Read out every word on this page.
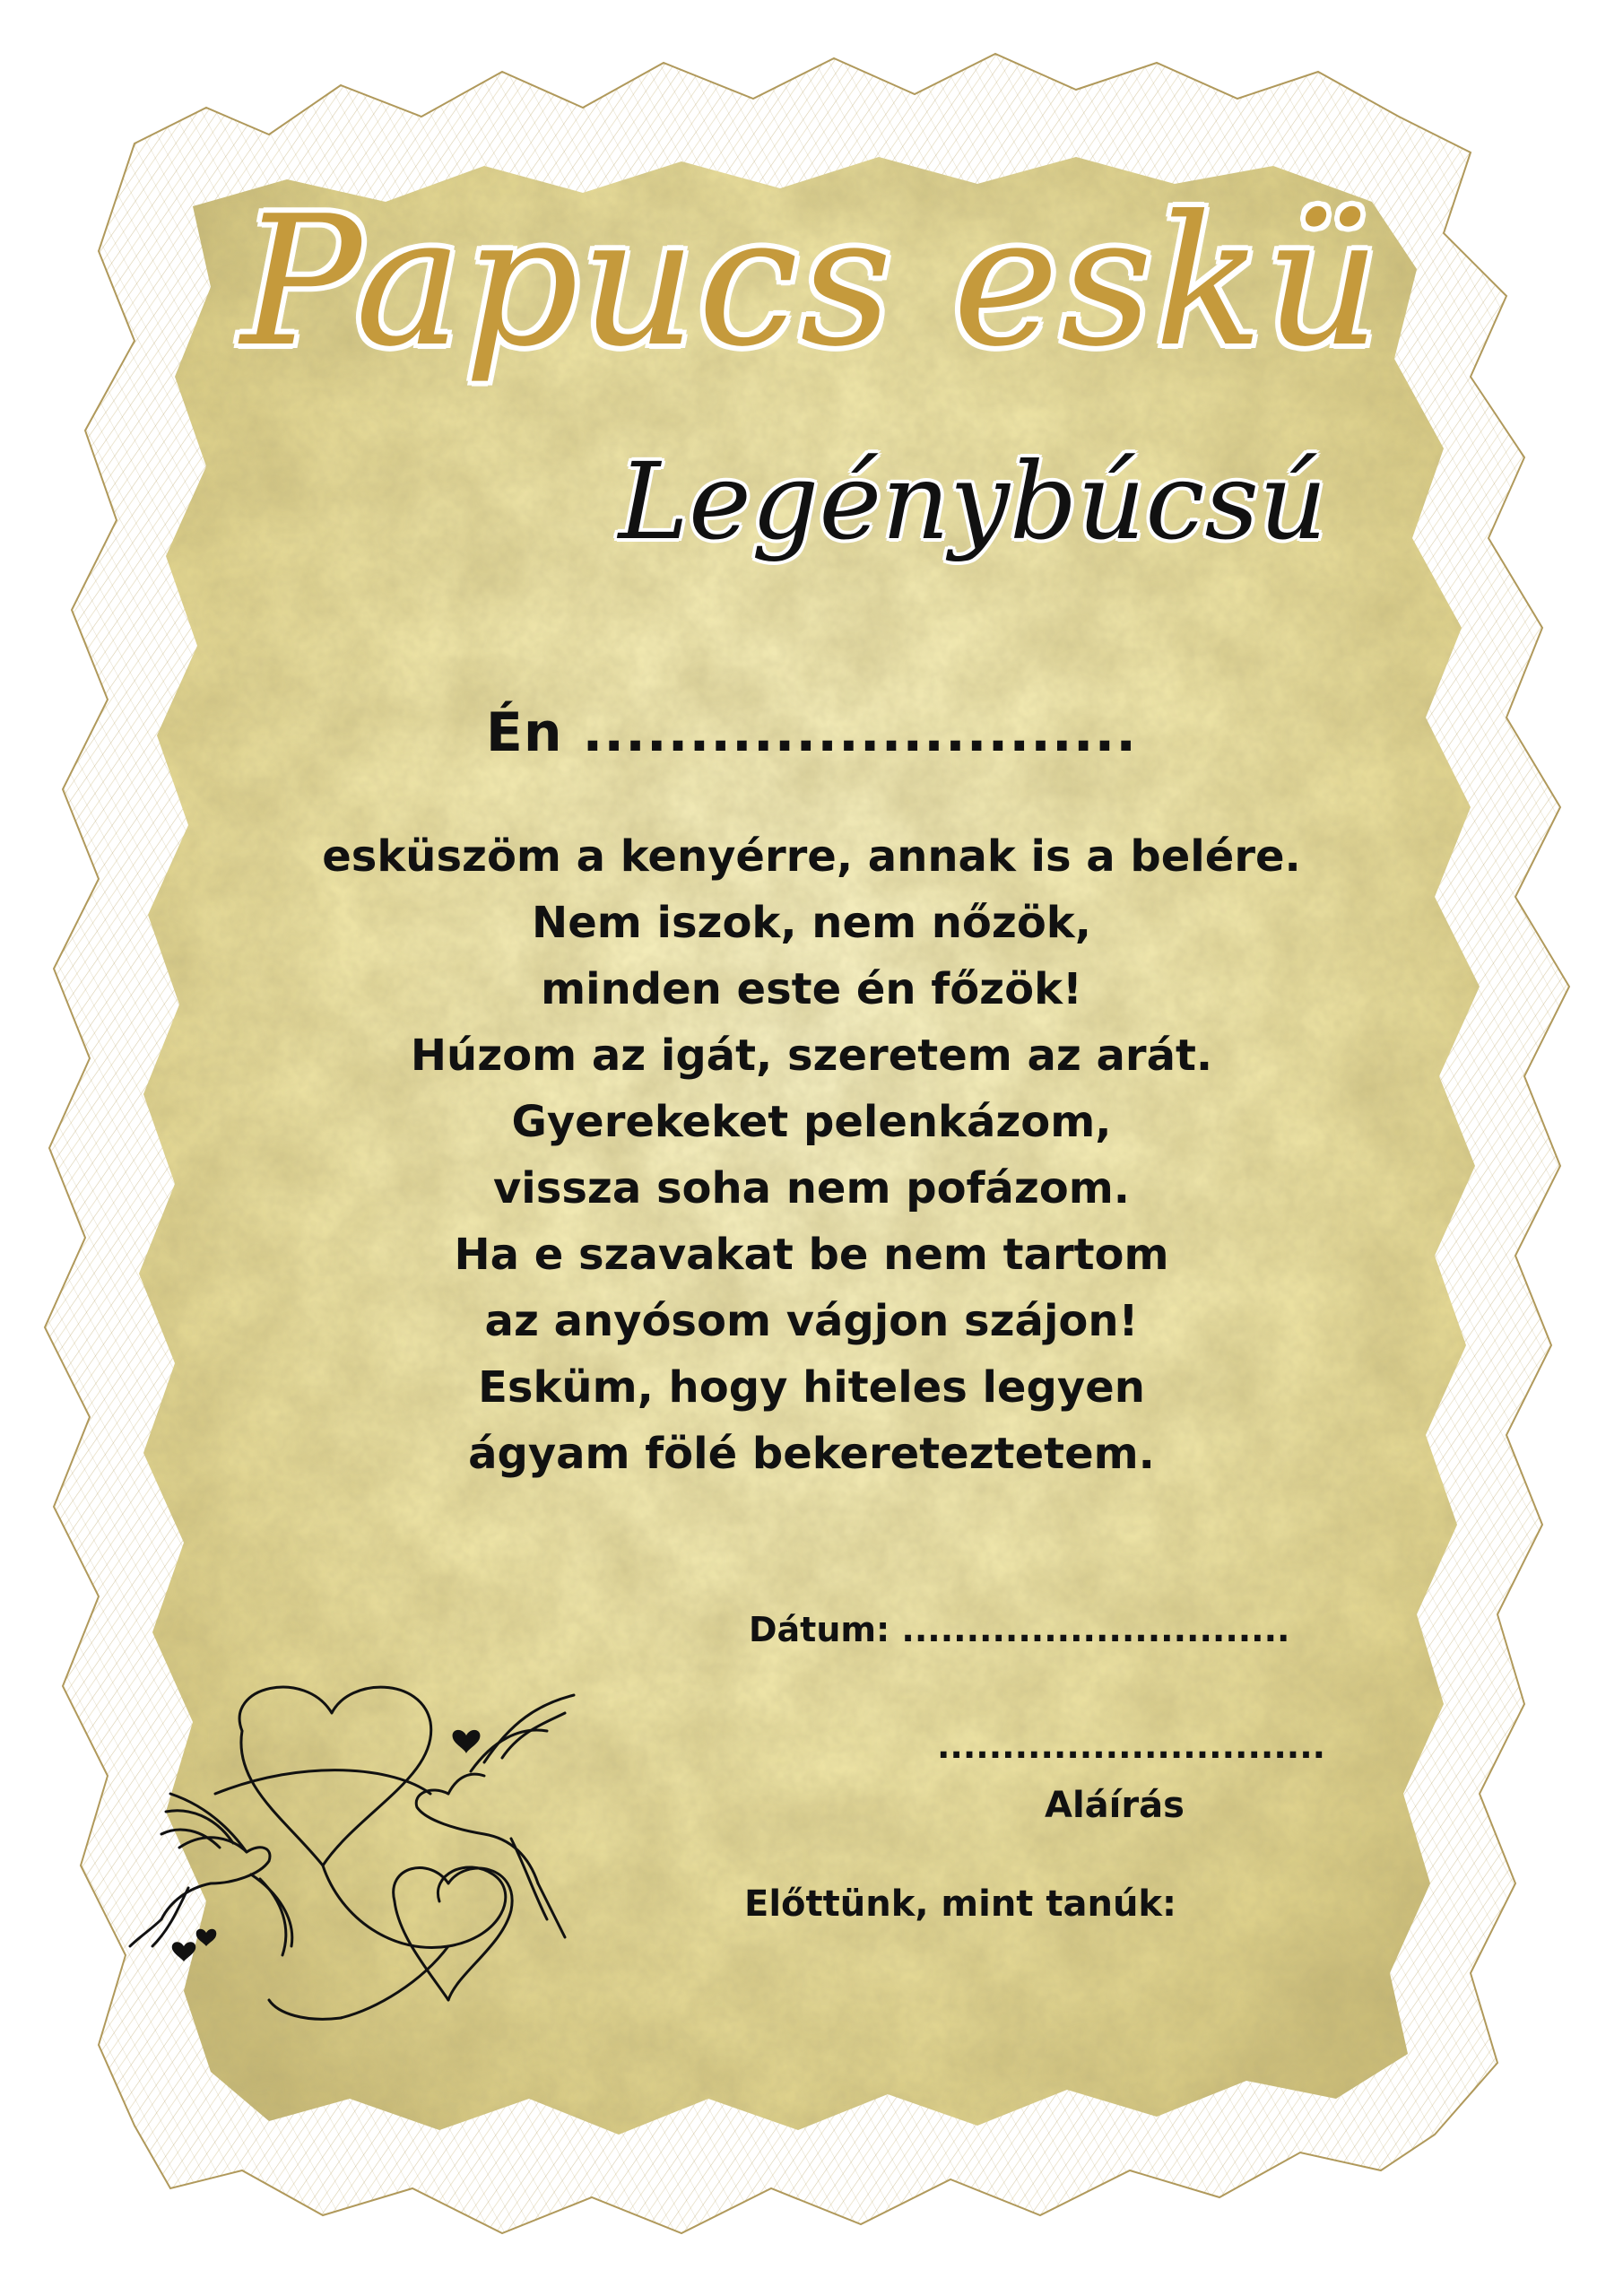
Papucs eskü
Legénybúcsú
Én ..........................
esküszöm a kenyérre, annak is a belére.
Nem iszok, nem nőzök,
minden este én főzök!
Húzom az igát, szeretem az arát.
Gyerekeket pelenkázom,
vissza soha nem pofázom.
Ha e szavakat be nem tartom
az anyósom vágjon szájon!
Esküm, hogy hiteles legyen
ágyam fölé bekereteztetem.
Dátum: ..............................
..............................
Aláírás
Előttünk, mint tanúk:
